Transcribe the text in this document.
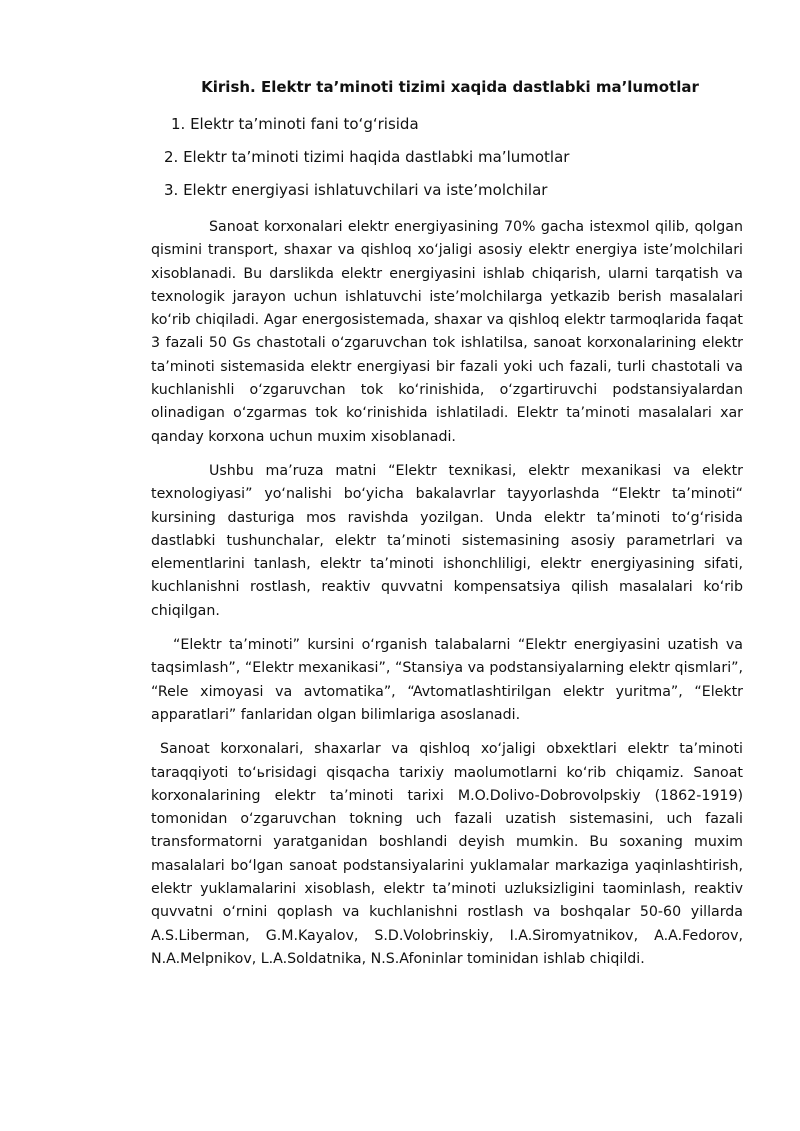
Kirish. Elektr ta’minoti tizimi xaqida dastlabki ma’lumotlar
1. Elektr ta’minoti fani to‘g‘risida
2. Elektr ta’minoti tizimi haqida dastlabki ma’lumotlar
3. Elektr energiyasi ishlatuvchilari va iste’molchilar

Sanoat korxonalari elektr energiyasining 70% gacha istexmol qilib, qolgan qismini transport, shaxar va qishloq xo‘jaligi asosiy elektr energiya iste’molchilari xisoblanadi. Bu darslikda elektr energiyasini ishlab chiqarish, ularni tarqatish va texnologik jarayon uchun ishlatuvchi iste’molchilarga yetkazib berish masalalari ko‘rib chiqiladi. Agar energosistemada, shaxar va qishloq elektr tarmoqlarida faqat 3 fazali 50 Gs chastotali o‘zgaruvchan tok ishlatilsa, sanoat korxonalarining elektr ta’minoti sistemasida elektr energiyasi bir fazali yoki uch fazali, turli chastotali va kuchlanishli o‘zgaruvchan tok ko‘rinishida, o‘zgartiruvchi podstansiyalardan olinadigan o‘zgarmas tok ko‘rinishida ishlatiladi. Elektr ta’minoti masalalari xar qanday korxona uchun muxim xisoblanadi.

Ushbu ma’ruza matni “Elektr texnikasi, elektr mexanikasi va elektr texnologiyasi” yo‘nalishi bo‘yicha bakalavrlar tayyorlashda “Elektr ta’minoti“ kursining dasturiga mos ravishda yozilgan. Unda elektr ta’minoti to‘g‘risida dastlabki tushunchalar, elektr ta’minoti sistemasining asosiy parametrlari va elementlarini tanlash, elektr ta’minoti ishonchliligi, elektr energiyasining sifati, kuchlanishni rostlash, reaktiv quvvatni kompensatsiya qilish masalalari ko‘rib chiqilgan.

“Elektr ta’minoti” kursini o‘rganish talabalarni “Elektr energiyasini uzatish va taqsimlash”, “Elektr mexanikasi”, “Stansiya va podstansiyalarning elektr qismlari”, “Rele ximoyasi va avtomatika”, “Avtomatlashtirilgan elektr yuritma”, “Elektr apparatlari” fanlaridan olgan bilimlariga asoslanadi.

Sanoat korxonalari, shaxarlar va qishloq xo‘jaligi obxektlari elektr ta’minoti taraqqiyoti to‘ьrisidagi qisqacha tarixiy maolumotlarni ko‘rib chiqamiz. Sanoat korxonalarining elektr ta’minoti tarixi M.O.Dolivo-Dobrovolpskiy (1862-1919) tomonidan o‘zgaruvchan tokning uch fazali uzatish sistemasini, uch fazali transformatorni yaratganidan boshlandi deyish mumkin. Bu soxaning muxim masalalari bo‘lgan sanoat podstansiyalarini yuklamalar markaziga yaqinlashtirish, elektr yuklamalarini xisoblash, elektr ta’minoti uzluksizligini taominlash, reaktiv quvvatni o‘rnini qoplash va kuchlanishni rostlash va boshqalar 50-60 yillarda A.S.Liberman, G.M.Kayalov, S.D.Volobrinskiy, I.A.Siromyatnikov, A.A.Fedorov, N.A.Melpnikov, L.A.Soldatnika, N.S.Afoninlar tominidan ishlab chiqildi.
